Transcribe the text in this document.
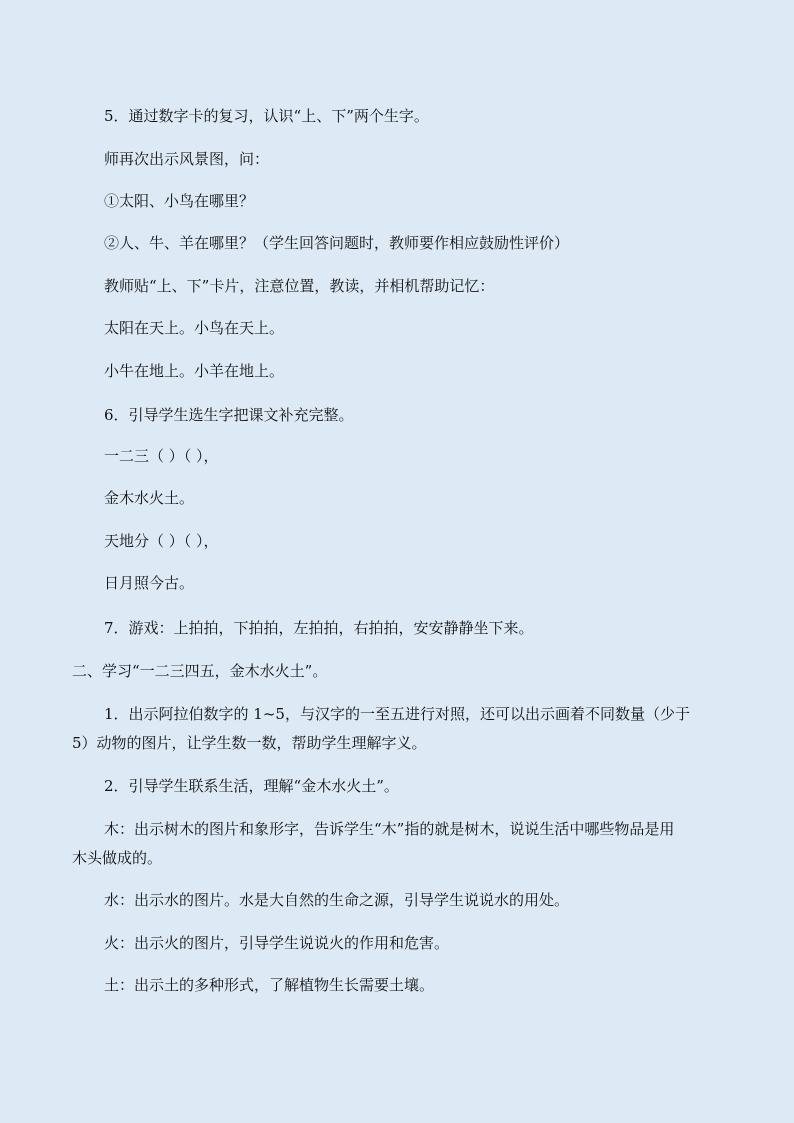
5．通过数字卡的复习，认识“上、下”两个生字。
师再次出示风景图，问：
①太阳、小鸟在哪里？
②人、牛、羊在哪里？（学生回答问题时，教师要作相应鼓励性评价）
教师贴“上、下”卡片，注意位置，教读，并相机帮助记忆：
太阳在天上。小鸟在天上。
小牛在地上。小羊在地上。
6．引导学生选生字把课文补充完整。
一二三（ ）（ ），
金木水火土。
天地分（ ）（ ），
日月照今古。
7．游戏：上拍拍，下拍拍，左拍拍，右拍拍，安安静静坐下来。
二、学习“一二三四五，金木水火土”。
1．出示阿拉伯数字的 1~5，与汉字的一至五进行对照，还可以出示画着不同数量（少于
5）动物的图片，让学生数一数，帮助学生理解字义。
2．引导学生联系生活，理解“金木水火土”。
木：出示树木的图片和象形字，告诉学生“木”指的就是树木，说说生活中哪些物品是用
木头做成的。
水：出示水的图片。水是大自然的生命之源，引导学生说说水的用处。
火：出示火的图片，引导学生说说火的作用和危害。
土：出示土的多种形式，了解植物生长需要土壤。
